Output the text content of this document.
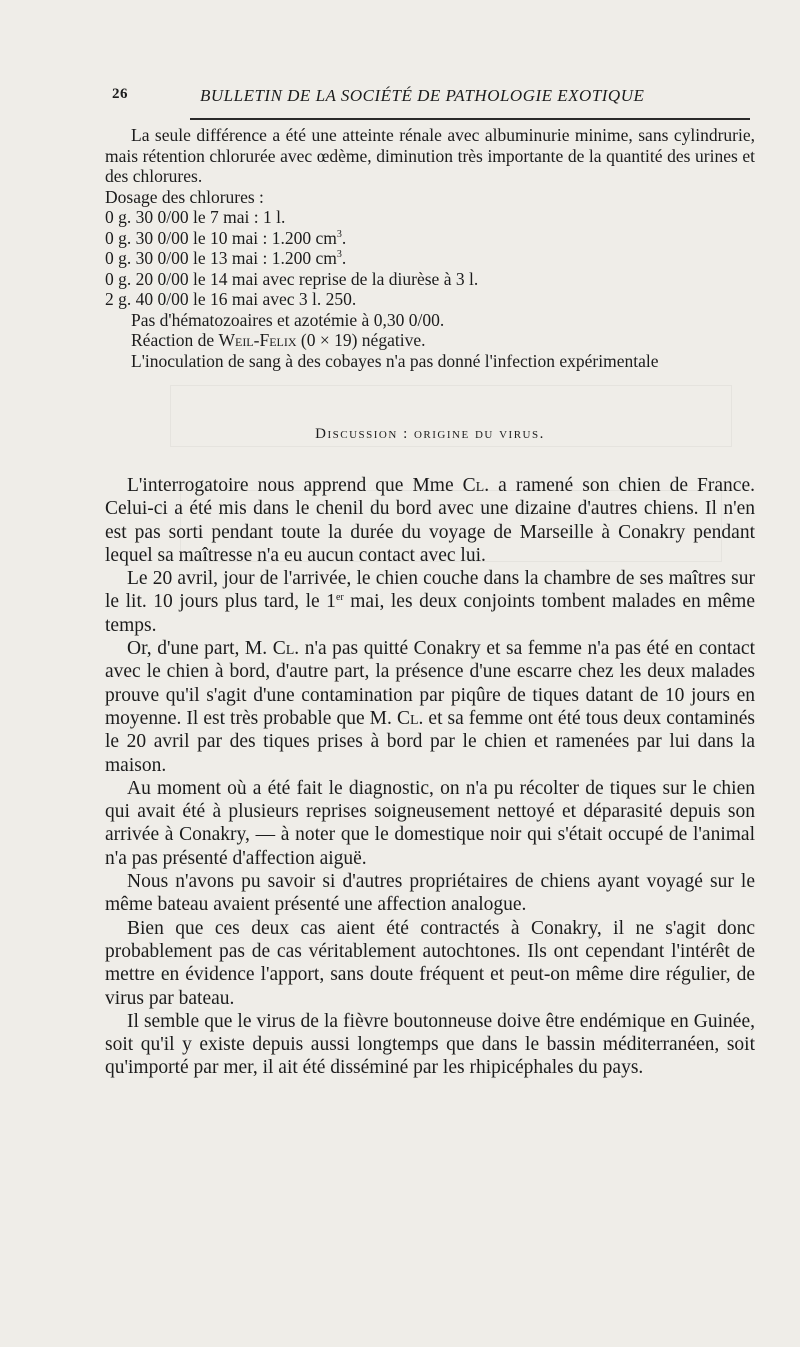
26	BULLETIN DE LA SOCIÉTÉ DE PATHOLOGIE EXOTIQUE

La seule différence a été une atteinte rénale avec albuminurie minime, sans cylindrurie, mais rétention chlorurée avec œdème, diminution très importante de la quantité des urines et des chlorures.

Dosage des chlorures :

0 g. 30 0/00 le 7 mai : 1 l.

0 g. 30 0/00 le 10 mai : 1.200 $cm^3$.

0 g. 30 0/00 le 13 mai : 1.200 $cm^3$.

0 g. 20 0/00 le 14 mai avec reprise de la diurèse à 3 l.

2 g. 40 0/00 le 16 mai avec 3 l. 250.

Pas d'hématozoaires et azotémie à 0,30 0/00.

Réaction de Weil-Felix (0 × 19) négative.

L'inoculation de sang à des cobayes n'a pas donné l'infection expérimentale

Discussion : origine du virus.

L'interrogatoire nous apprend que Mme Cl. a ramené son chien de France. Celui-ci a été mis dans le chenil du bord avec une dizaine d'autres chiens. Il n'en est pas sorti pendant toute la durée du voyage de Marseille à Conakry pendant lequel sa maîtresse n'a eu aucun contact avec lui.

Le 20 avril, jour de l'arrivée, le chien couche dans la chambre de ses maîtres sur le lit. 10 jours plus tard, le 1er mai, les deux conjoints tombent malades en même temps.

Or, d'une part, M. Cl. n'a pas quitté Conakry et sa femme n'a pas été en contact avec le chien à bord, d'autre part, la présence d'une escarre chez les deux malades prouve qu'il s'agit d'une contamination par piqûre de tiques datant de 10 jours en moyenne. Il est très probable que M. Cl. et sa femme ont été tous deux contaminés le 20 avril par des tiques prises à bord par le chien et ramenées par lui dans la maison.

Au moment où a été fait le diagnostic, on n'a pu récolter de tiques sur le chien qui avait été à plusieurs reprises soigneusement nettoyé et déparasité depuis son arrivée à Conakry, — à noter que le domestique noir qui s'était occupé de l'animal n'a pas présenté d'affection aiguë.

Nous n'avons pu savoir si d'autres propriétaires de chiens ayant voyagé sur le même bateau avaient présenté une affection analogue.

Bien que ces deux cas aient été contractés à Conakry, il ne s'agit donc probablement pas de cas véritablement autochtones. Ils ont cependant l'intérêt de mettre en évidence l'apport, sans doute fréquent et peut-on même dire régulier, de virus par bateau.

Il semble que le virus de la fièvre boutonneuse doive être endémique en Guinée, soit qu'il y existe depuis aussi longtemps que dans le bassin méditerranéen, soit qu'importé par mer, il ait été disséminé par les rhipicéphales du pays.
